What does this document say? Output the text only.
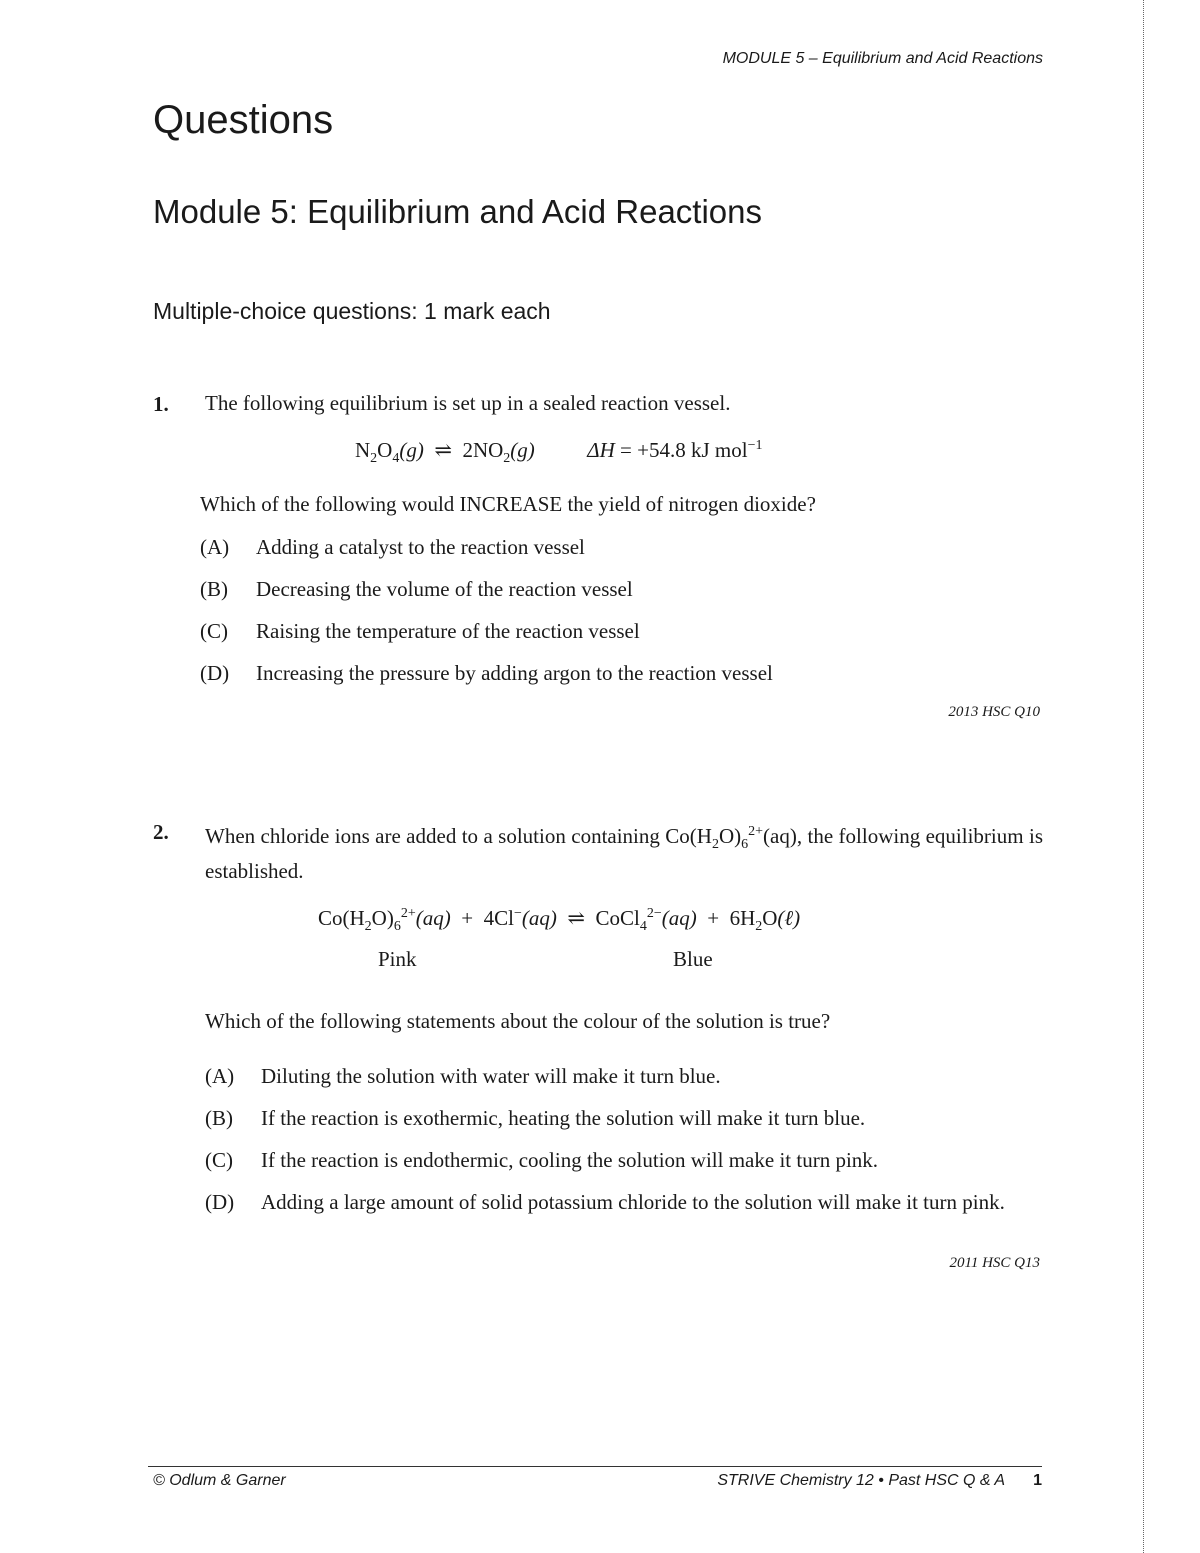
MODULE 5 – Equilibrium and Acid Reactions
Questions
Module 5: Equilibrium and Acid Reactions
Multiple-choice questions: 1 mark each
1. The following equilibrium is set up in a sealed reaction vessel.
$N_2O_4(g)$ ⇌ $2NO_2(g)$	ΔH = +54.8 kJ mol$^{-1}$
Which of the following would INCREASE the yield of nitrogen dioxide?
(A)	Adding a catalyst to the reaction vessel
(B)	Decreasing the volume of the reaction vessel
(C)	Raising the temperature of the reaction vessel
(D)	Increasing the pressure by adding argon to the reaction vessel
2013 HSC Q10
2. When chloride ions are added to a solution containing $Co(H_2O)_6^{2+}(aq)$, the following equilibrium is established.
$Co(H_2O)_6^{2+}(aq) + 4Cl^-(aq)$ ⇌ CoCl$_4^{2-}$(aq) + $6H_2O(\ell)$
Pink	Blue
Which of the following statements about the colour of the solution is true?
(A)	Diluting the solution with water will make it turn blue.
(B)	If the reaction is exothermic, heating the solution will make it turn blue.
(C)	If the reaction is endothermic, cooling the solution will make it turn pink.
(D)	Adding a large amount of solid potassium chloride to the solution will make it turn pink.
2011 HSC Q13
© Odlum & Garner	STRIVE Chemistry 12 • Past HSC Q & A 1
